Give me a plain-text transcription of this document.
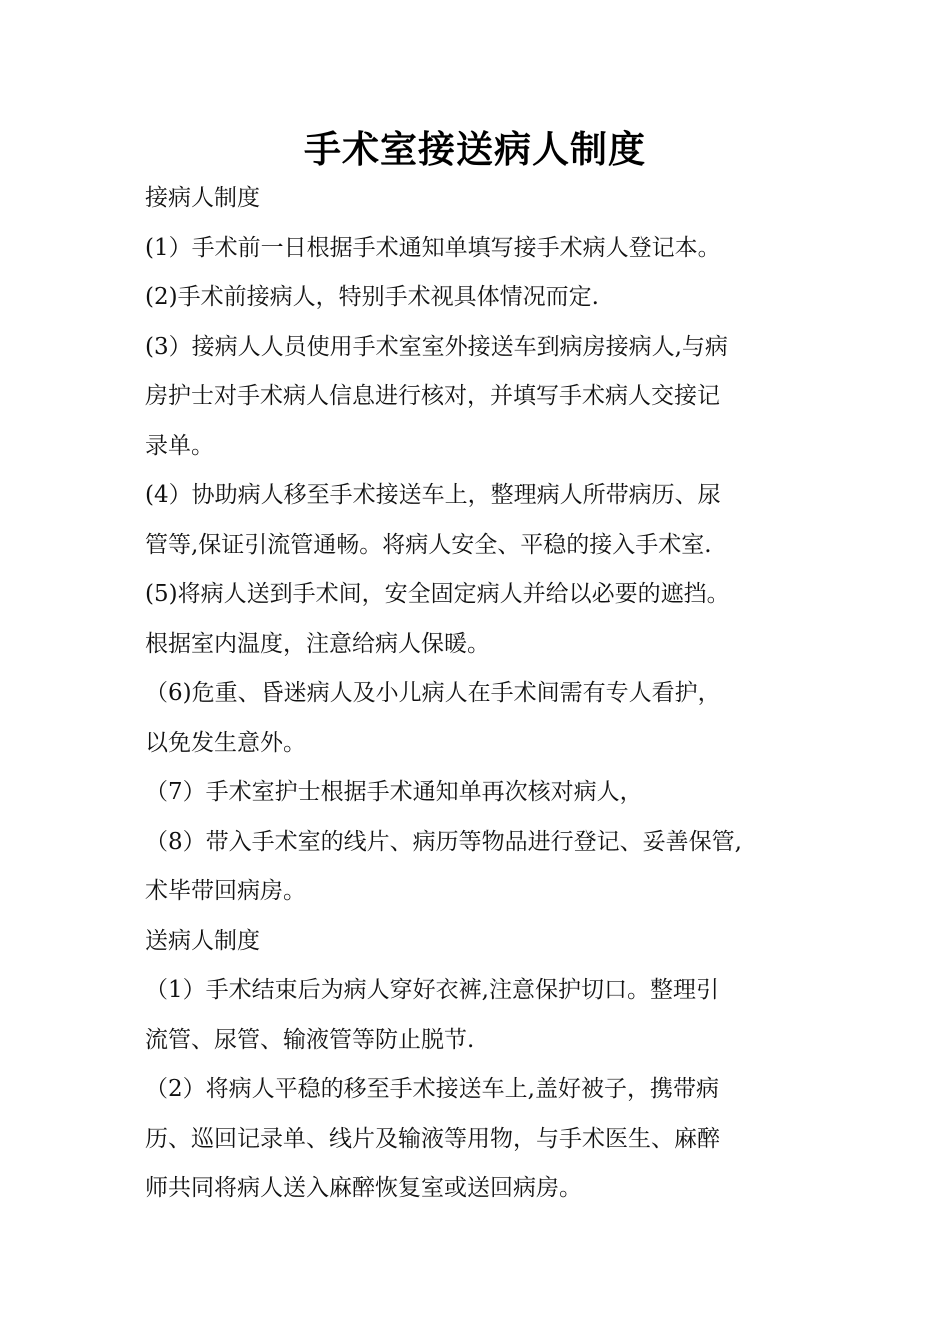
手术室接送病人制度

接病人制度

(1）手术前一日根据手术通知单填写接手术病人登记本。

(2)手术前接病人，特别手术视具体情况而定.

(3）接病人人员使用手术室室外接送车到病房接病人,与病

房护士对手术病人信息进行核对，并填写手术病人交接记

录单。

(4）协助病人移至手术接送车上，整理病人所带病历、尿

管等,保证引流管通畅。将病人安全、平稳的接入手术室.

(5)将病人送到手术间，安全固定病人并给以必要的遮挡。

根据室内温度，注意给病人保暖。

（6)危重、昏迷病人及小儿病人在手术间需有专人看护，

以免发生意外。

（7）手术室护士根据手术通知单再次核对病人，

（8）带入手术室的线片、病历等物品进行登记、妥善保管,

术毕带回病房。

送病人制度

（1）手术结束后为病人穿好衣裤,注意保护切口。整理引

流管、尿管、输液管等防止脱节.

（2）将病人平稳的移至手术接送车上,盖好被子，携带病

历、巡回记录单、线片及输液等用物，与手术医生、麻醉

师共同将病人送入麻醉恢复室或送回病房。
